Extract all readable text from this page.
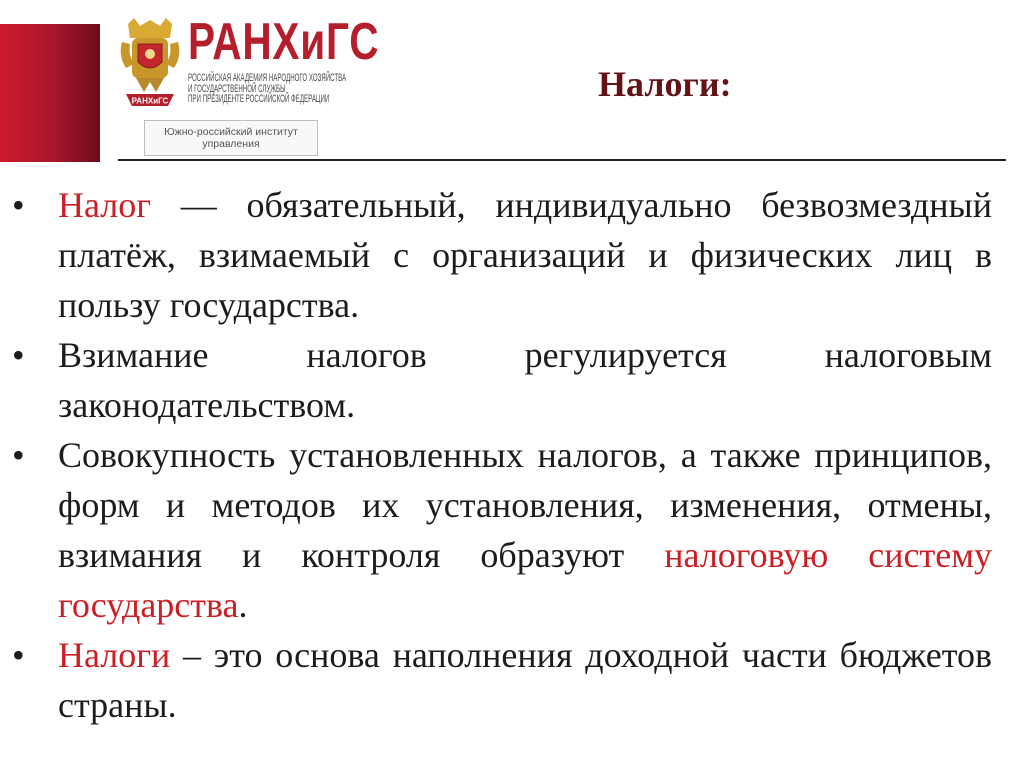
РАНХиГС
РАНХиГС
РОССИЙСКАЯ АКАДЕМИЯ НАРОДНОГО ХОЗЯЙСТВА
И ГОСУДАРСТВЕННОЙ СЛУЖБЫ
ПРИ ПРЕЗИДЕНТЕ РОССИЙСКОЙ ФЕДЕРАЦИИ
Южно-российский институт
управления
Налоги:
• Налог — обязательный, индивидуально безвозмездный платёж, взимаемый с организаций и физических лиц в пользу государства.
• Взимание налогов регулируется налоговым законодательством.
• Совокупность установленных налогов, а также принципов, форм и методов их установления, изменения, отмены, взимания и контроля образуют налоговую систему государства.
• Налоги – это основа наполнения доходной части бюджетов страны.
